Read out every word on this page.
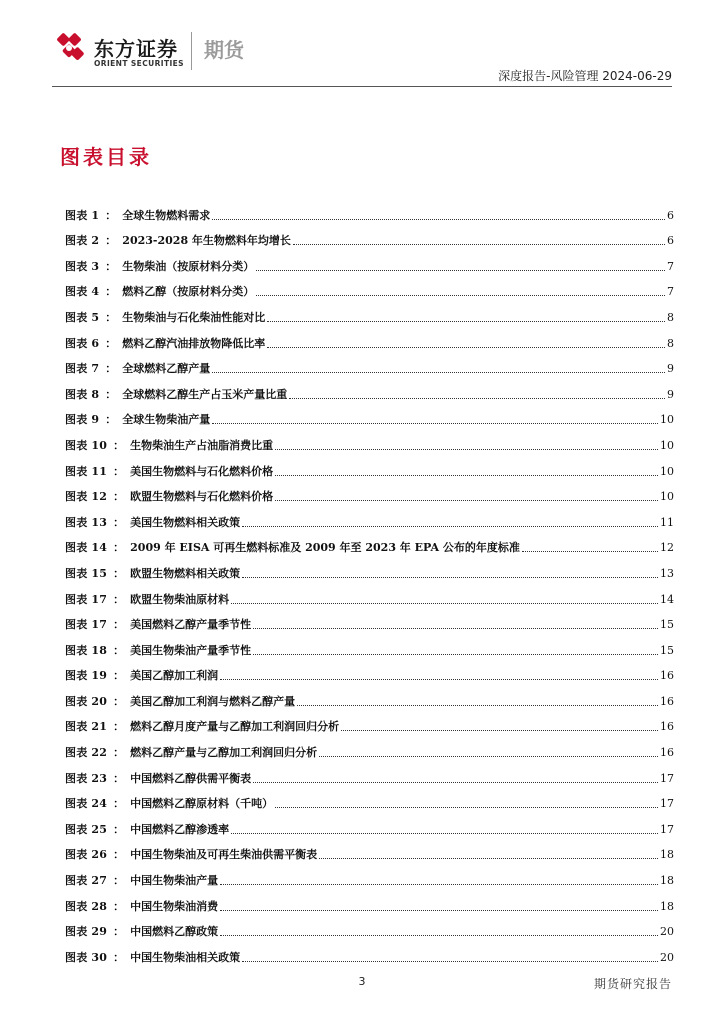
东方证券
ORIENT SECURITIES
期货
深度报告-风险管理 2024-06-29
图表目录
图表 1 ： 全球生物燃料需求	6
图表 2 ： 2023-2028 年生物燃料年均增长	6
图表 3 ： 生物柴油（按原材料分类）	7
图表 4 ： 燃料乙醇（按原材料分类）	7
图表 5 ： 生物柴油与石化柴油性能对比	8
图表 6 ： 燃料乙醇汽油排放物降低比率	8
图表 7 ： 全球燃料乙醇产量	9
图表 8 ： 全球燃料乙醇生产占玉米产量比重	9
图表 9 ： 全球生物柴油产量	10
图表 10 ： 生物柴油生产占油脂消费比重	10
图表 11 ： 美国生物燃料与石化燃料价格	10
图表 12 ： 欧盟生物燃料与石化燃料价格	10
图表 13 ： 美国生物燃料相关政策	11
图表 14 ： 2009 年 EISA 可再生燃料标准及 2009 年至 2023 年 EPA 公布的年度标准	12
图表 15 ： 欧盟生物燃料相关政策	13
图表 17 ： 欧盟生物柴油原材料	14
图表 17 ： 美国燃料乙醇产量季节性	15
图表 18 ： 美国生物柴油产量季节性	15
图表 19 ： 美国乙醇加工利润	16
图表 20 ： 美国乙醇加工利润与燃料乙醇产量	16
图表 21 ： 燃料乙醇月度产量与乙醇加工利润回归分析	16
图表 22 ： 燃料乙醇产量与乙醇加工利润回归分析	16
图表 23 ： 中国燃料乙醇供需平衡表	17
图表 24 ： 中国燃料乙醇原材料（千吨）	17
图表 25 ： 中国燃料乙醇渗透率	17
图表 26 ： 中国生物柴油及可再生柴油供需平衡表	18
图表 27 ： 中国生物柴油产量	18
图表 28 ： 中国生物柴油消费	18
图表 29 ： 中国燃料乙醇政策	20
图表 30 ： 中国生物柴油相关政策	20
3	期货研究报告
